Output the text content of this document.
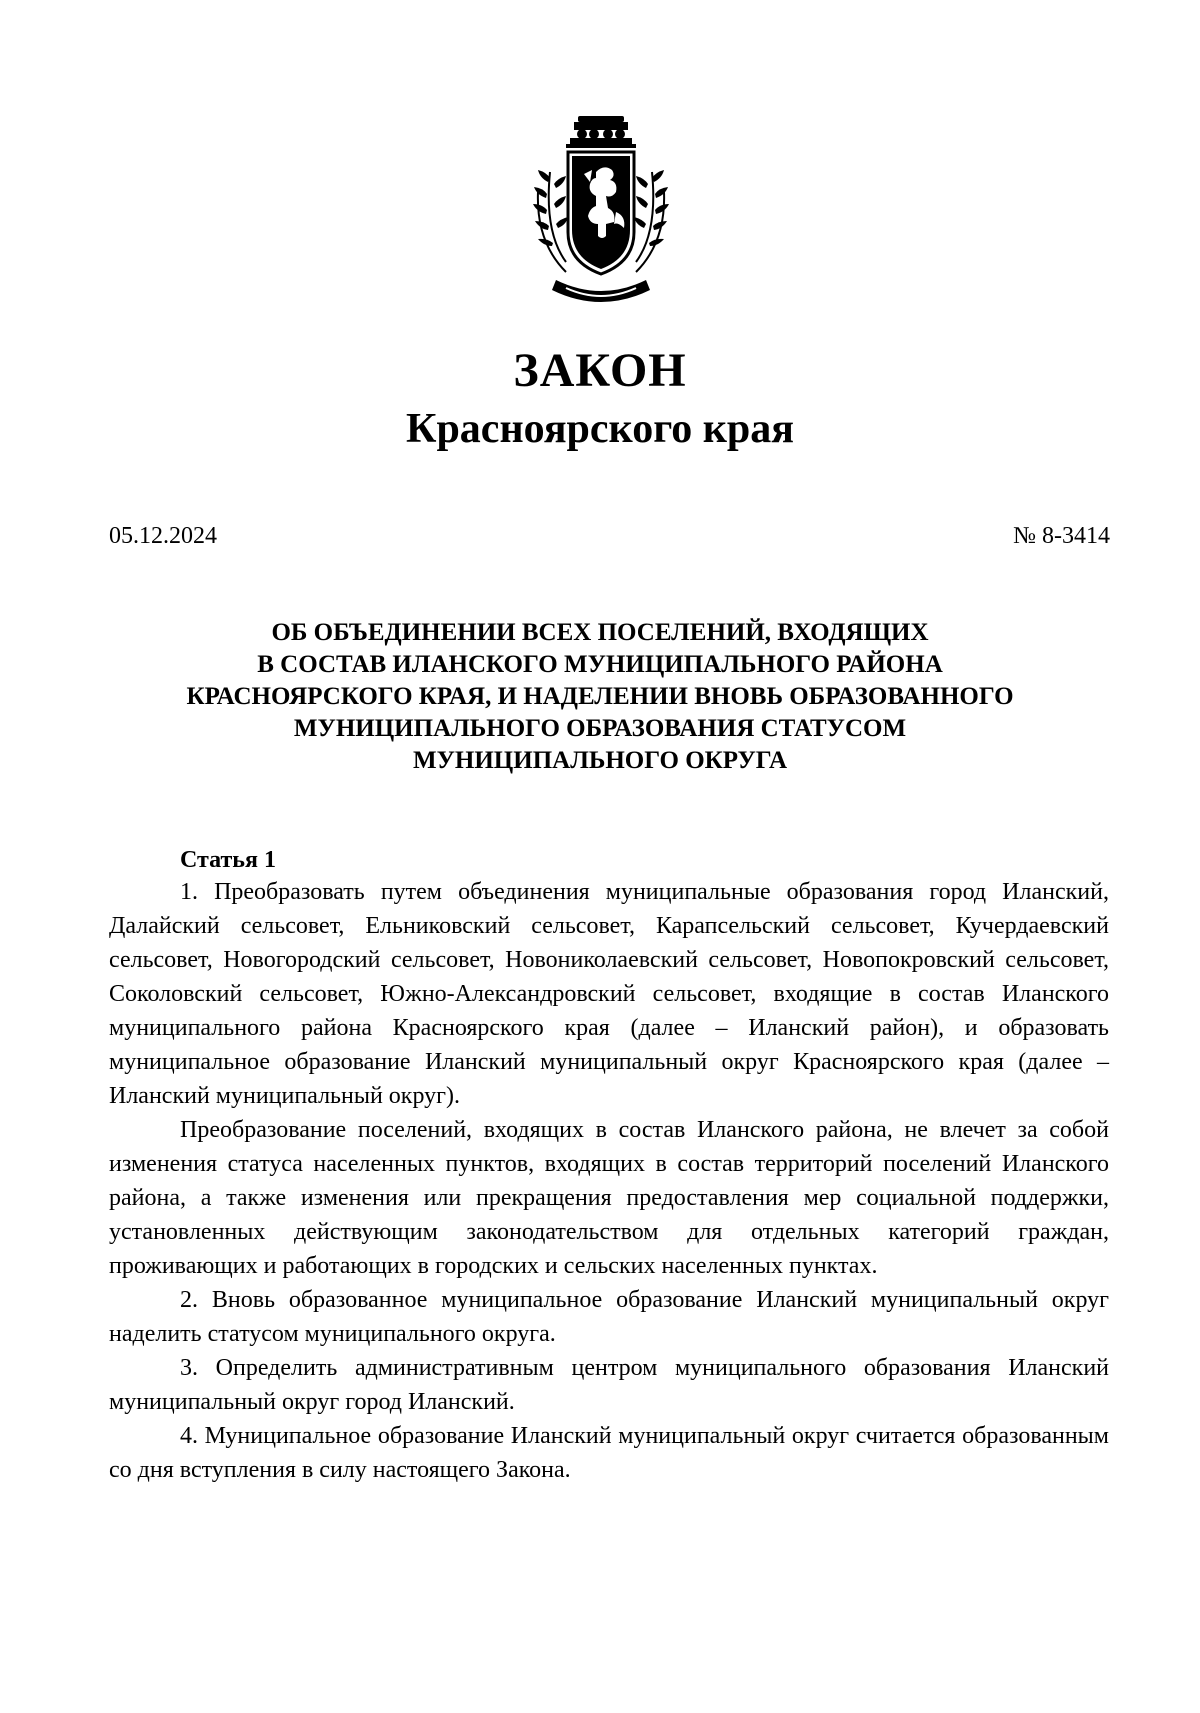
ЗАКОН
Красноярского края
05.12.2024	№ 8-3414
ОБ ОБЪЕДИНЕНИИ ВСЕХ ПОСЕЛЕНИЙ, ВХОДЯЩИХ
В СОСТАВ ИЛАНСКОГО МУНИЦИПАЛЬНОГО РАЙОНА
КРАСНОЯРСКОГО КРАЯ, И НАДЕЛЕНИИ ВНОВЬ ОБРАЗОВАННОГО
МУНИЦИПАЛЬНОГО ОБРАЗОВАНИЯ СТАТУСОМ
МУНИЦИПАЛЬНОГО ОКРУГА
Статья 1

1. Преобразовать путем объединения муниципальные образования город Иланский, Далайский сельсовет, Ельниковский сельсовет, Карапсельский сельсовет, Кучердаевский сельсовет, Новогородский сельсовет, Новониколаевский сельсовет, Новопокровский сельсовет, Соколовский сельсовет, Южно-Александровский сельсовет, входящие в состав Иланского муниципального района Красноярского края (далее – Иланский район), и образовать муниципальное образование Иланский муниципальный округ Красноярского края (далее – Иланский муниципальный округ).

Преобразование поселений, входящих в состав Иланского района, не влечет за собой изменения статуса населенных пунктов, входящих в состав территорий поселений Иланского района, а также изменения или прекращения предоставления мер социальной поддержки, установленных действующим законодательством для отдельных категорий граждан, проживающих и работающих в городских и сельских населенных пунктах.

2. Вновь образованное муниципальное образование Иланский муниципальный округ наделить статусом муниципального округа.

3. Определить административным центром муниципального образования Иланский муниципальный округ город Иланский.

4. Муниципальное образование Иланский муниципальный округ считается образованным со дня вступления в силу настоящего Закона.
